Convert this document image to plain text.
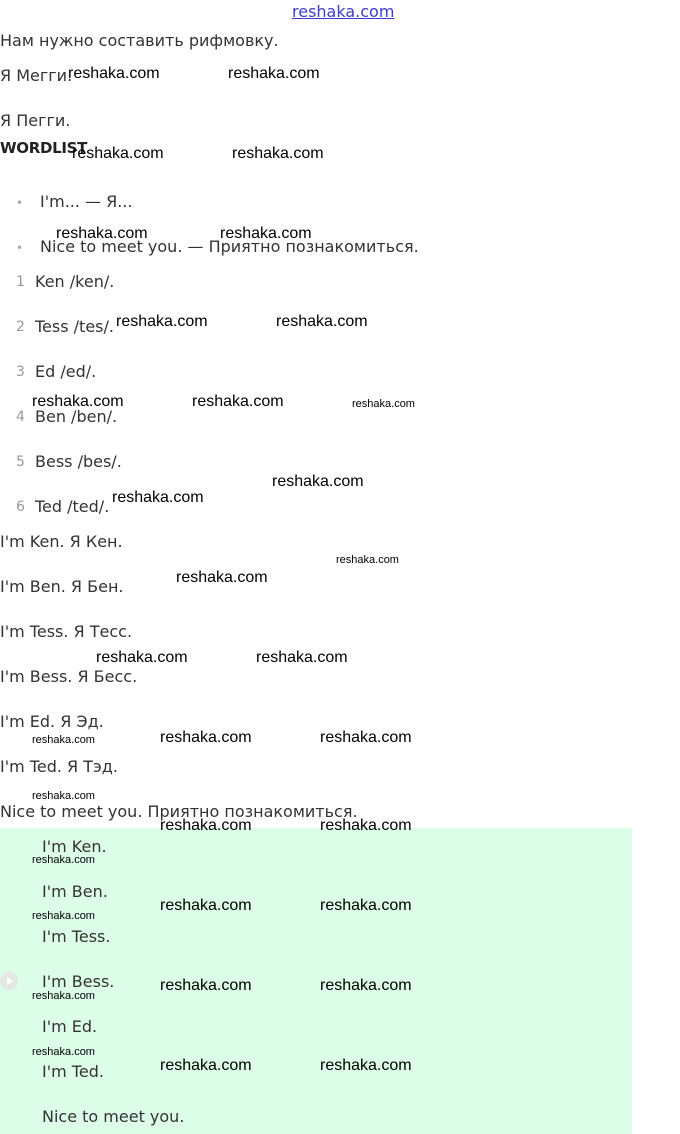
reshaka.com
Нам нужно составить рифмовку.
Я Мегги.
Я Пегги.
WORDLIST
• I'm... — Я...
• Nice to meet you. — Приятно познакомиться.
1 Ken /ken/.
2 Tess /tes/.
3 Ed /ed/.
4 Ben /ben/.
5 Bess /bes/.
6 Ted /ted/.
I'm Ken. Я Кен.
I'm Ben. Я Бен.
I'm Tess. Я Тесс.
I'm Bess. Я Бесс.
I'm Ed. Я Эд.
I'm Ted. Я Тэд.
Nice to meet you. Приятно познакомиться.
I'm Ken.
I'm Ben.
I'm Tess.
I'm Bess.
I'm Ed.
I'm Ted.
Nice to meet you.
reshaka.com	reshaka.com
reshaka.com	reshaka.com
reshaka.com	reshaka.com
reshaka.com	reshaka.com
reshaka.com	reshaka.com
reshaka.com
reshaka.com
reshaka.com
reshaka.com	reshaka.com
reshaka.com	reshaka.com
reshaka.com	reshaka.com
reshaka.com	reshaka.com
reshaka.com	reshaka.com
reshaka.com	reshaka.com
reshaka.com
reshaka.com
reshaka.com
reshaka.com
reshaka.com
reshaka.com
reshaka.com
reshaka.com
